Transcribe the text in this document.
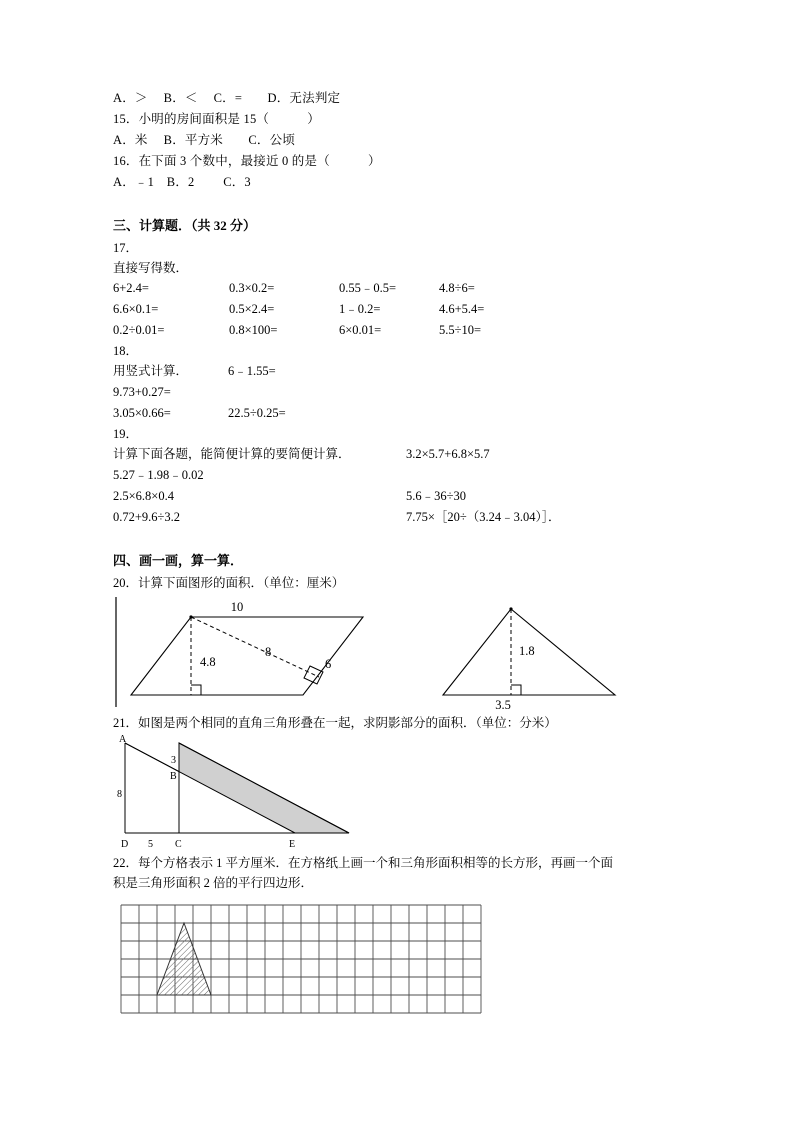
A．＞　 B．＜　 C．=　　D．无法判定
15．小明的房间面积是 15（　　　）
A．米　 B．平方米　　C．公顷
16．在下面 3 个数中，最接近 0 的是（　　　）
A．﹣1　B．2　　 C．3
三、计算题．（共 32 分）
17．
直接写得数．
6+2.4=	0.3×0.2=	0.55﹣0.5=	4.8÷6=
6.6×0.1=	0.5×2.4=	1﹣0.2=	4.6+5.4=
0.2÷0.01=	0.8×100=	6×0.01=	5.5÷10=
18．
用竖式计算．	6﹣1.55=
9.73+0.27=
3.05×0.66=	22.5÷0.25=
19．
计算下面各题，能简便计算的要简便计算．	3.2×5.7+6.8×5.7
5.27﹣1.98﹣0.02
2.5×6.8×0.4	5.6﹣36÷30
0.72+9.6÷3.2	7.75×［20÷（3.24﹣3.04）］．
四、画一画，算一算．
20．计算下面图形的面积．（单位：厘米）
10
4.8
8
6
1.8
3.5
21．如图是两个相同的直角三角形叠在一起，求阴影部分的面积．（单位：分米）
A
B
C
D	E
3
8
5
22．每个方格表示 1 平方厘米．在方格纸上画一个和三角形面积相等的长方形，再画一个面
积是三角形面积 2 倍的平行四边形．
